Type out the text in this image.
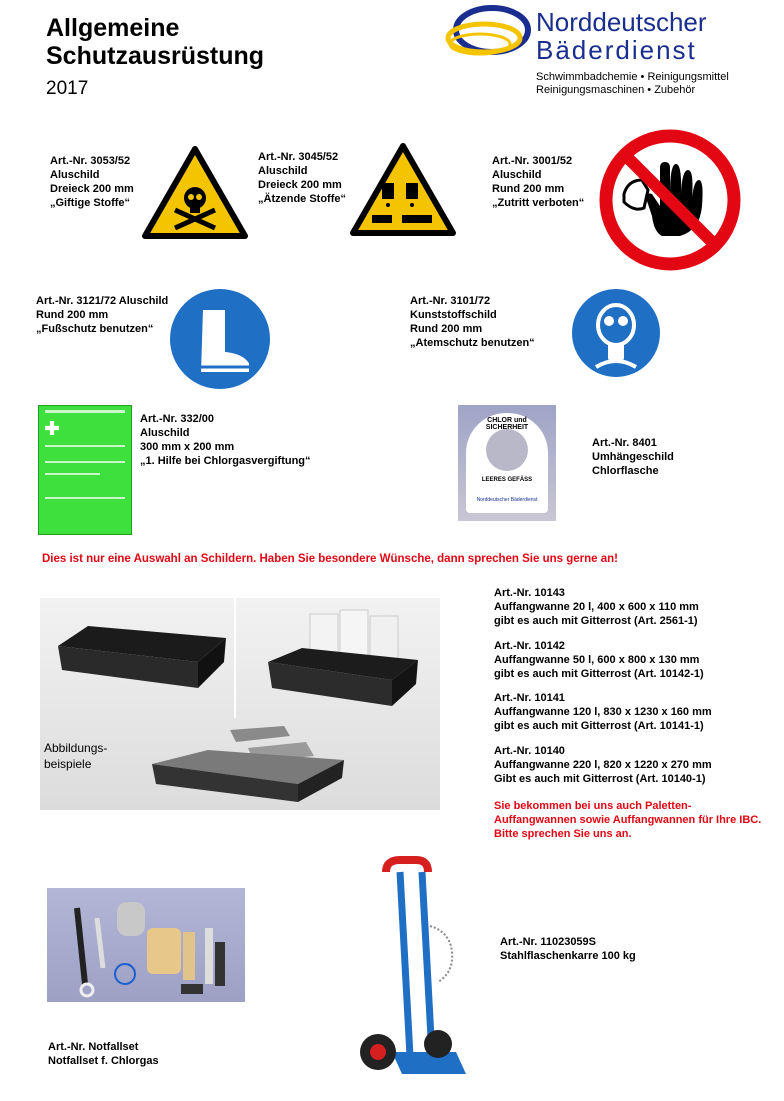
Allgemeine
Schutzausrüstung
2017
Norddeutscher
Bäderdienst
Schwimmbadchemie • Reinigungsmittel
Reinigungsmaschinen • Zubehör
Art.-Nr. 3053/52
Aluschild
Dreieck 200 mm
„Giftige Stoffe“
Art.-Nr. 3045/52
Aluschild
Dreieck 200 mm
„Ätzende Stoffe“
Art.-Nr. 3001/52
Aluschild
Rund 200 mm
„Zutritt verboten“
Art.-Nr. 3121/72 Aluschild
Rund 200 mm
„Fußschutz benutzen“
Art.-Nr. 3101/72
Kunststoffschild
Rund 200 mm
„Atemschutz benutzen“
Art.-Nr. 332/00
Aluschild
300 mm x 200 mm
„1. Hilfe bei Chlorgasvergiftung“
CHLOR und SICHERHEIT
LEERES GEFÄSS
Norddeutscher Bäderdienst
Art.-Nr. 8401
Umhängeschild
Chlorflasche
Dies ist nur eine Auswahl an Schildern. Haben Sie besondere Wünsche, dann sprechen Sie uns gerne an!
Abbildungs-
beispiele
Art.-Nr. 10143
Auffangwanne 20 l, 400 x 600 x 110 mm
gibt es auch mit Gitterrost (Art. 2561-1)
Art.-Nr. 10142
Auffangwanne 50 l, 600 x 800 x 130 mm
gibt es auch mit Gitterrost (Art. 10142-1)
Art.-Nr. 10141
Auffangwanne 120 l, 830 x 1230 x 160 mm
gibt es auch mit Gitterrost (Art. 10141-1)
Art.-Nr. 10140
Auffangwanne 220 l, 820 x 1220 x 270 mm
Gibt es auch mit Gitterrost (Art. 10140-1)
Sie bekommen bei uns auch Paletten-
Auffangwannen sowie Auffangwannen für Ihre IBC.
Bitte sprechen Sie uns an.
Art.-Nr. Notfallset
Notfallset f. Chlorgas
Art.-Nr. 11023059S
Stahlflaschenkarre 100 kg
